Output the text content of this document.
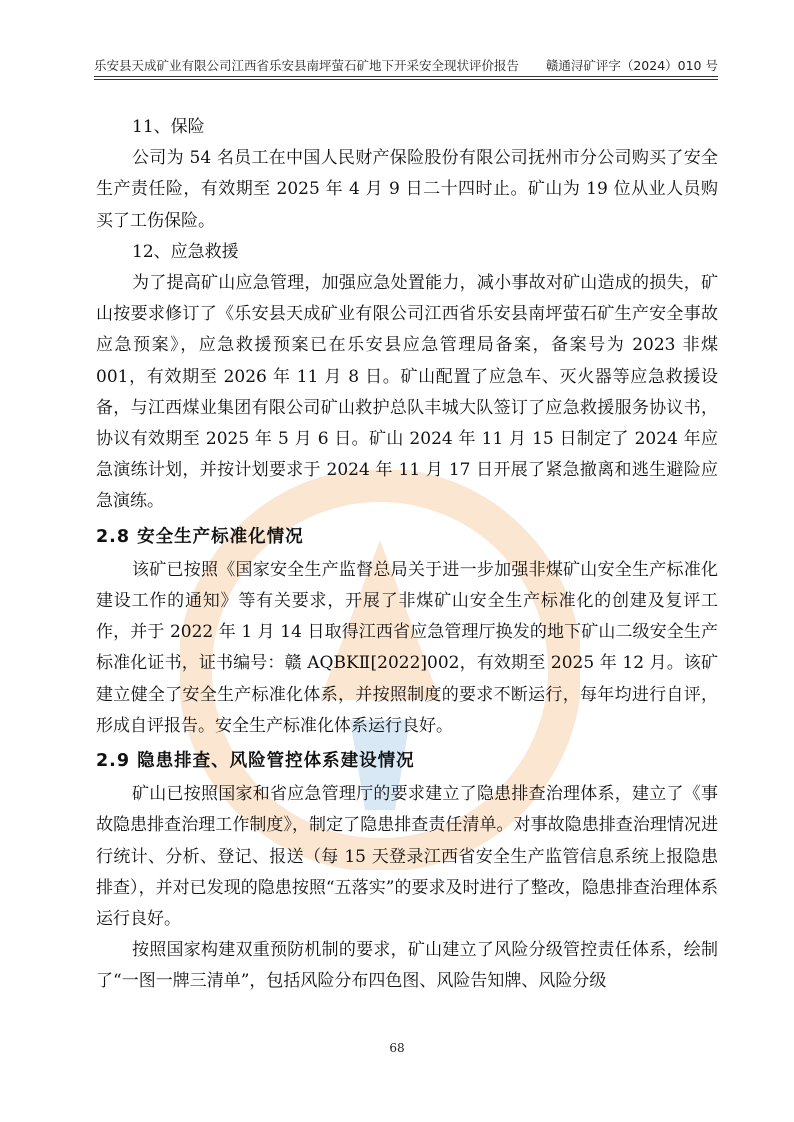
乐安县天成矿业有限公司江西省乐安县南坪萤石矿地下开采安全现状评价报告 赣通浔矿评字（2024）010 号

11、保险

公司为 54 名员工在中国人民财产保险股份有限公司抚州市分公司购买了安全生产责任险，有效期至 2025 年 4 月 9 日二十四时止。矿山为 19 位从业人员购买了工伤保险。

12、应急救援

为了提高矿山应急管理，加强应急处置能力，减小事故对矿山造成的损失，矿山按要求修订了《乐安县天成矿业有限公司江西省乐安县南坪萤石矿生产安全事故应急预案》，应急救援预案已在乐安县应急管理局备案，备案号为 2023 非煤 001，有效期至 2026 年 11 月 8 日。矿山配置了应急车、灭火器等应急救援设备，与江西煤业集团有限公司矿山救护总队丰城大队签订了应急救援服务协议书，协议有效期至 2025 年 5 月 6 日。矿山 2024 年 11 月 15 日制定了 2024 年应急演练计划，并按计划要求于 2024 年 11 月 17 日开展了紧急撤离和逃生避险应急演练。

2.8 安全生产标准化情况

该矿已按照《国家安全生产监督总局关于进一步加强非煤矿山安全生产标准化建设工作的通知》等有关要求，开展了非煤矿山安全生产标准化的创建及复评工作，并于 2022 年 1 月 14 日取得江西省应急管理厅换发的地下矿山二级安全生产标准化证书，证书编号：赣 AQBKⅡ[2022]002，有效期至 2025 年 12 月。该矿建立健全了安全生产标准化体系，并按照制度的要求不断运行，每年均进行自评，形成自评报告。安全生产标准化体系运行良好。

2.9 隐患排查、风险管控体系建设情况

矿山已按照国家和省应急管理厅的要求建立了隐患排查治理体系，建立了《事故隐患排查治理工作制度》，制定了隐患排查责任清单。对事故隐患排查治理情况进行统计、分析、登记、报送（每 15 天登录江西省安全生产监管信息系统上报隐患排查），并对已发现的隐患按照“五落实”的要求及时进行了整改，隐患排查治理体系运行良好。

按照国家构建双重预防机制的要求，矿山建立了风险分级管控责任体系，绘制了“一图一牌三清单”，包括风险分布四色图、风险告知牌、风险分级

68
